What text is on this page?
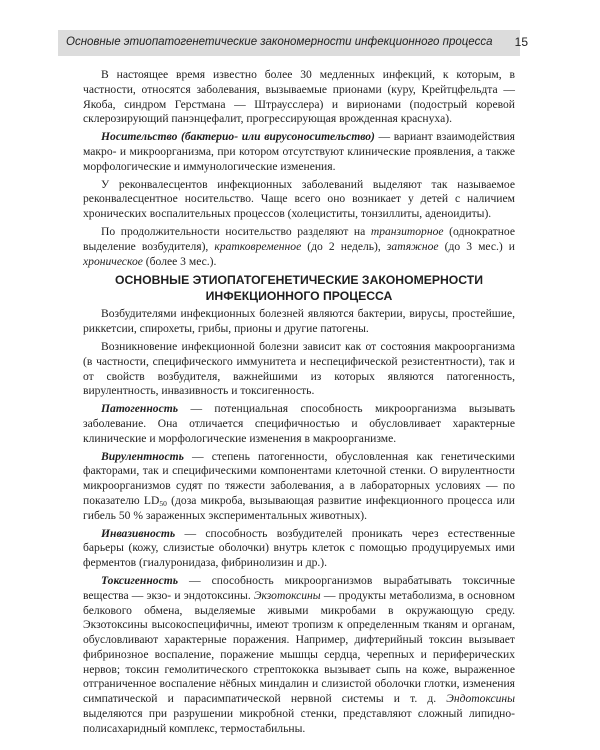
Основные этиопатогенетические закономерности инфекционного процесса 15

В настоящее время известно более 30 медленных инфекций, к которым, в частности, относятся заболевания, вызываемые прионами (куру, Крейтцфельдта — Якоба, синдром Герстмана — Штраусслера) и вирионами (подострый коревой склерозирующий панэнцефалит, прогрессирующая врожденная краснуха).

Носительство (бактерио- или вирусоносительство) — вариант взаимодействия макро- и микроорганизма, при котором отсутствуют клинические проявления, а также морфологические и иммунологические изменения.

У реконвалесцентов инфекционных заболеваний выделяют так называемое реконвалесцентное носительство. Чаще всего оно возникает у детей с наличием хронических воспалительных процессов (холециститы, тонзиллиты, аденоидиты).

По продолжительности носительство разделяют на транзиторное (однократное выделение возбудителя), кратковременное (до 2 недель), затяжное (до 3 мес.) и хроническое (более 3 мес.).

ОСНОВНЫЕ ЭТИОПАТОГЕНЕТИЧЕСКИЕ ЗАКОНОМЕРНОСТИ
ИНФЕКЦИОННОГО ПРОЦЕССА

Возбудителями инфекционных болезней являются бактерии, вирусы, простейшие, риккетсии, спирохеты, грибы, прионы и другие патогены.

Возникновение инфекционной болезни зависит как от состояния макроорганизма (в частности, специфического иммунитета и неспецифической резистентности), так и от свойств возбудителя, важнейшими из которых являются патогенность, вирулентность, инвазивность и токсигенность.

Патогенность — потенциальная способность микроорганизма вызывать заболевание. Она отличается специфичностью и обусловливает характерные клинические и морфологические изменения в макроорганизме.

Вирулентность — степень патогенности, обусловленная как генетическими факторами, так и специфическими компонентами клеточной стенки. О вирулентности микроорганизмов судят по тяжести заболевания, а в лабораторных условиях — по показателю $LD_{50}$ (доза микроба, вызывающая развитие инфекционного процесса или гибель 50 % зараженных экспериментальных животных).

Инвазивность — способность возбудителей проникать через естественные барьеры (кожу, слизистые оболочки) внутрь клеток с помощью продуцируемых ими ферментов (гиалуронидаза, фибринолизин и др.).

Токсигенность — способность микроорганизмов вырабатывать токсичные вещества — экзо- и эндотоксины. Экзотоксины — продукты метаболизма, в основном белкового обмена, выделяемые живыми микробами в окружающую среду. Экзотоксины высокоспецифичны, имеют тропизм к определенным тканям и органам, обусловливают характерные поражения. Например, дифтерийный токсин вызывает фибринозное воспаление, поражение мышцы сердца, черепных и периферических нервов; токсин гемолитического стрептококка вызывает сыпь на коже, выраженное отграниченное воспаление нёбных миндалин и слизистой оболочки глотки, изменения симпатической и парасимпатической нервной системы и т. д. Эндотоксины выделяются при разрушении микробной стенки, представляют сложный липидно-полисахаридный комплекс, термостабильны.
